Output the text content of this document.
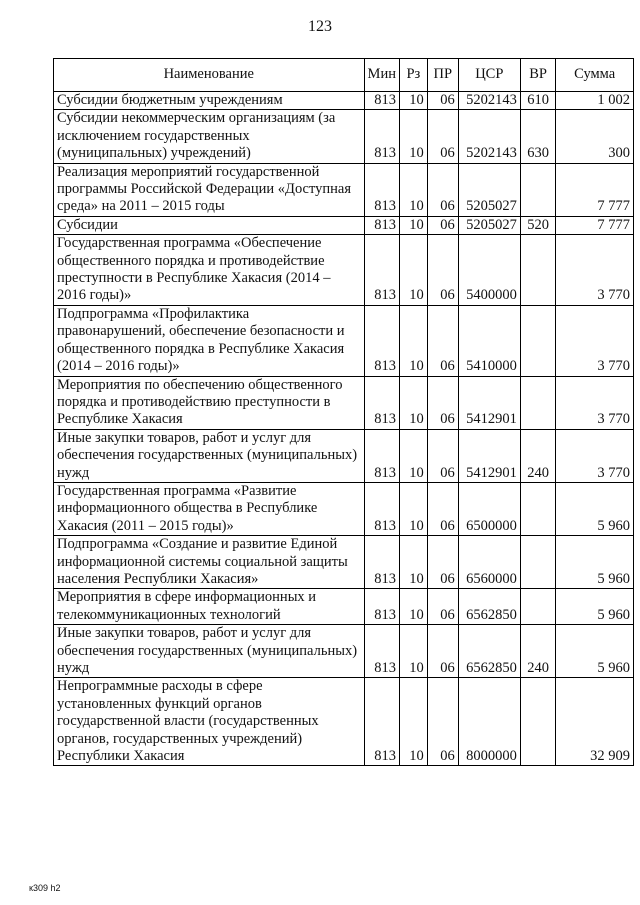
123
Наименование	Мин	Рз	ПР	ЦСР	ВР	Сумма
Субсидии бюджетным учреждениям	813	10	06	5202143	610	1 002
Субсидии некоммерческим организациям (за исключением государственных (муниципальных) учреждений)	813	10	06	5202143	630	300
Реализация мероприятий государственной программы Российской Федерации «Доступная среда» на 2011 – 2015 годы	813	10	06	5205027		7 777
Субсидии	813	10	06	5205027	520	7 777
Государственная программа «Обеспечение общественного порядка и противодействие преступности в Республике Хакасия (2014 – 2016 годы)»	813	10	06	5400000		3 770
Подпрограмма «Профилактика правонарушений, обеспечение безопасности и общественного порядка в Республике Хакасия (2014 – 2016 годы)»	813	10	06	5410000		3 770
Мероприятия по обеспечению общественного порядка и противодействию преступности в Республике Хакасия	813	10	06	5412901		3 770
Иные закупки товаров, работ и услуг для обеспечения государственных (муниципальных) нужд	813	10	06	5412901	240	3 770
Государственная программа «Развитие информационного общества в Республике Хакасия (2011 – 2015 годы)»	813	10	06	6500000		5 960
Подпрограмма «Создание и развитие Единой информационной системы социальной защиты населения Республики Хакасия»	813	10	06	6560000		5 960
Мероприятия в сфере информационных и телекоммуникационных технологий	813	10	06	6562850		5 960
Иные закупки товаров, работ и услуг для обеспечения государственных (муниципальных) нужд	813	10	06	6562850	240	5 960
Непрограммные расходы в сфере установленных функций органов государственной власти (государственных органов, государственных учреждений) Республики Хакасия	813	10	06	8000000		32 909
к309 h2
